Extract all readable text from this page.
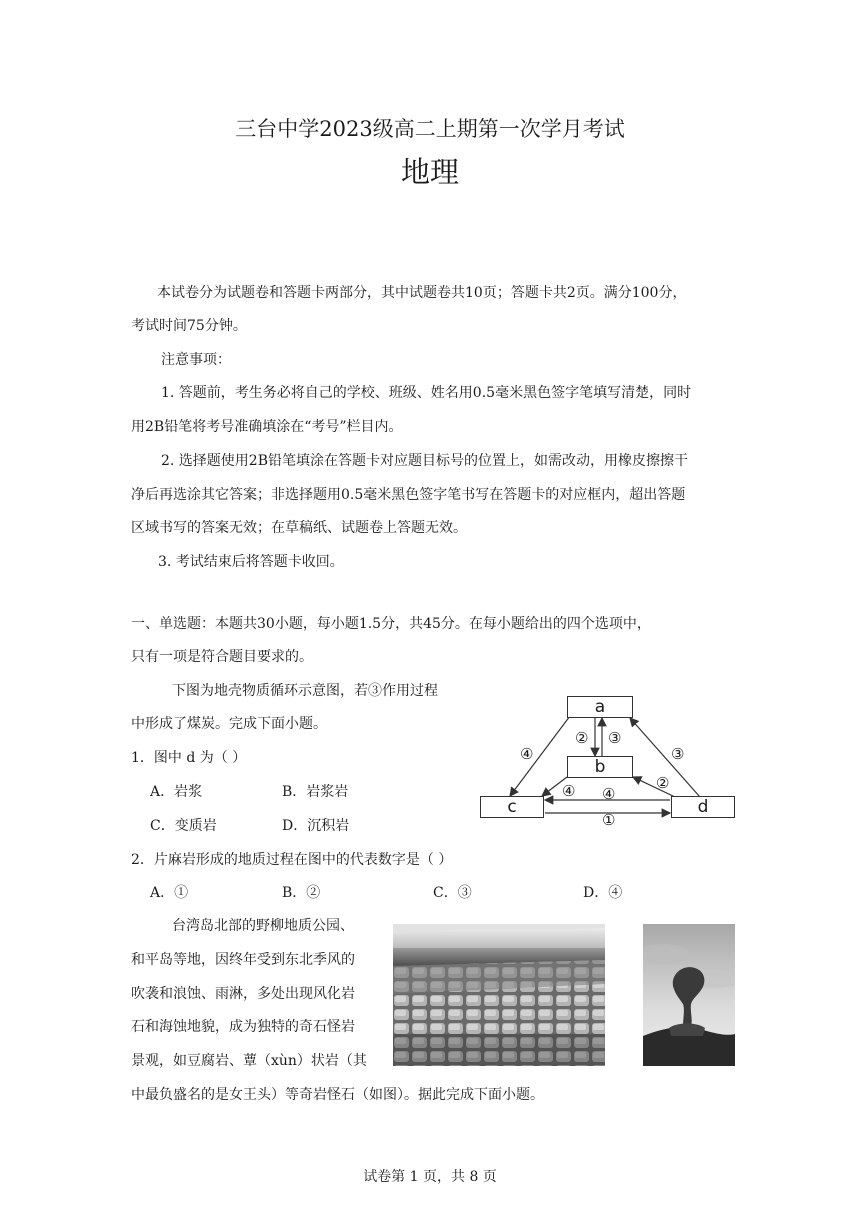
三台中学2023级高二上期第一次学月考试
地理
本试卷分为试题卷和答题卡两部分，其中试题卷共10页；答题卡共2页。满分100分，
考试时间75分钟。
注意事项：
1. 答题前，考生务必将自己的学校、班级、姓名用0.5毫米黑色签字笔填写清楚，同时
用2B铅笔将考号准确填涂在“考号”栏目内。
2. 选择题使用2B铅笔填涂在答题卡对应题目标号的位置上，如需改动，用橡皮擦擦干
净后再选涂其它答案；非选择题用0.5毫米黑色签字笔书写在答题卡的对应框内，超出答题
区域书写的答案无效；在草稿纸、试题卷上答题无效。
3. 考试结束后将答题卡收回。
一、单选题：本题共30小题，每小题1.5分，共45分。在每小题给出的四个选项中，
只有一项是符合题目要求的。
下图为地壳物质循环示意图，若③作用过程
中形成了煤炭。完成下面小题。
1．图中 d 为（ ）
A．岩浆	B．岩浆岩
C．变质岩	D．沉积岩
2．片麻岩形成的地质过程在图中的代表数字是（ ）
A．①	B．②	C．③	D．④
a
b
c	d
④
② ③
③
②
④ ④
①
台湾岛北部的野柳地质公园、
和平岛等地，因终年受到东北季风的
吹袭和浪蚀、雨淋，多处出现风化岩
石和海蚀地貌，成为独特的奇石怪岩
景观，如豆腐岩、蕈（xùn）状岩（其
中最负盛名的是女王头）等奇岩怪石（如图）。据此完成下面小题。
试卷第 1 页，共 8 页
